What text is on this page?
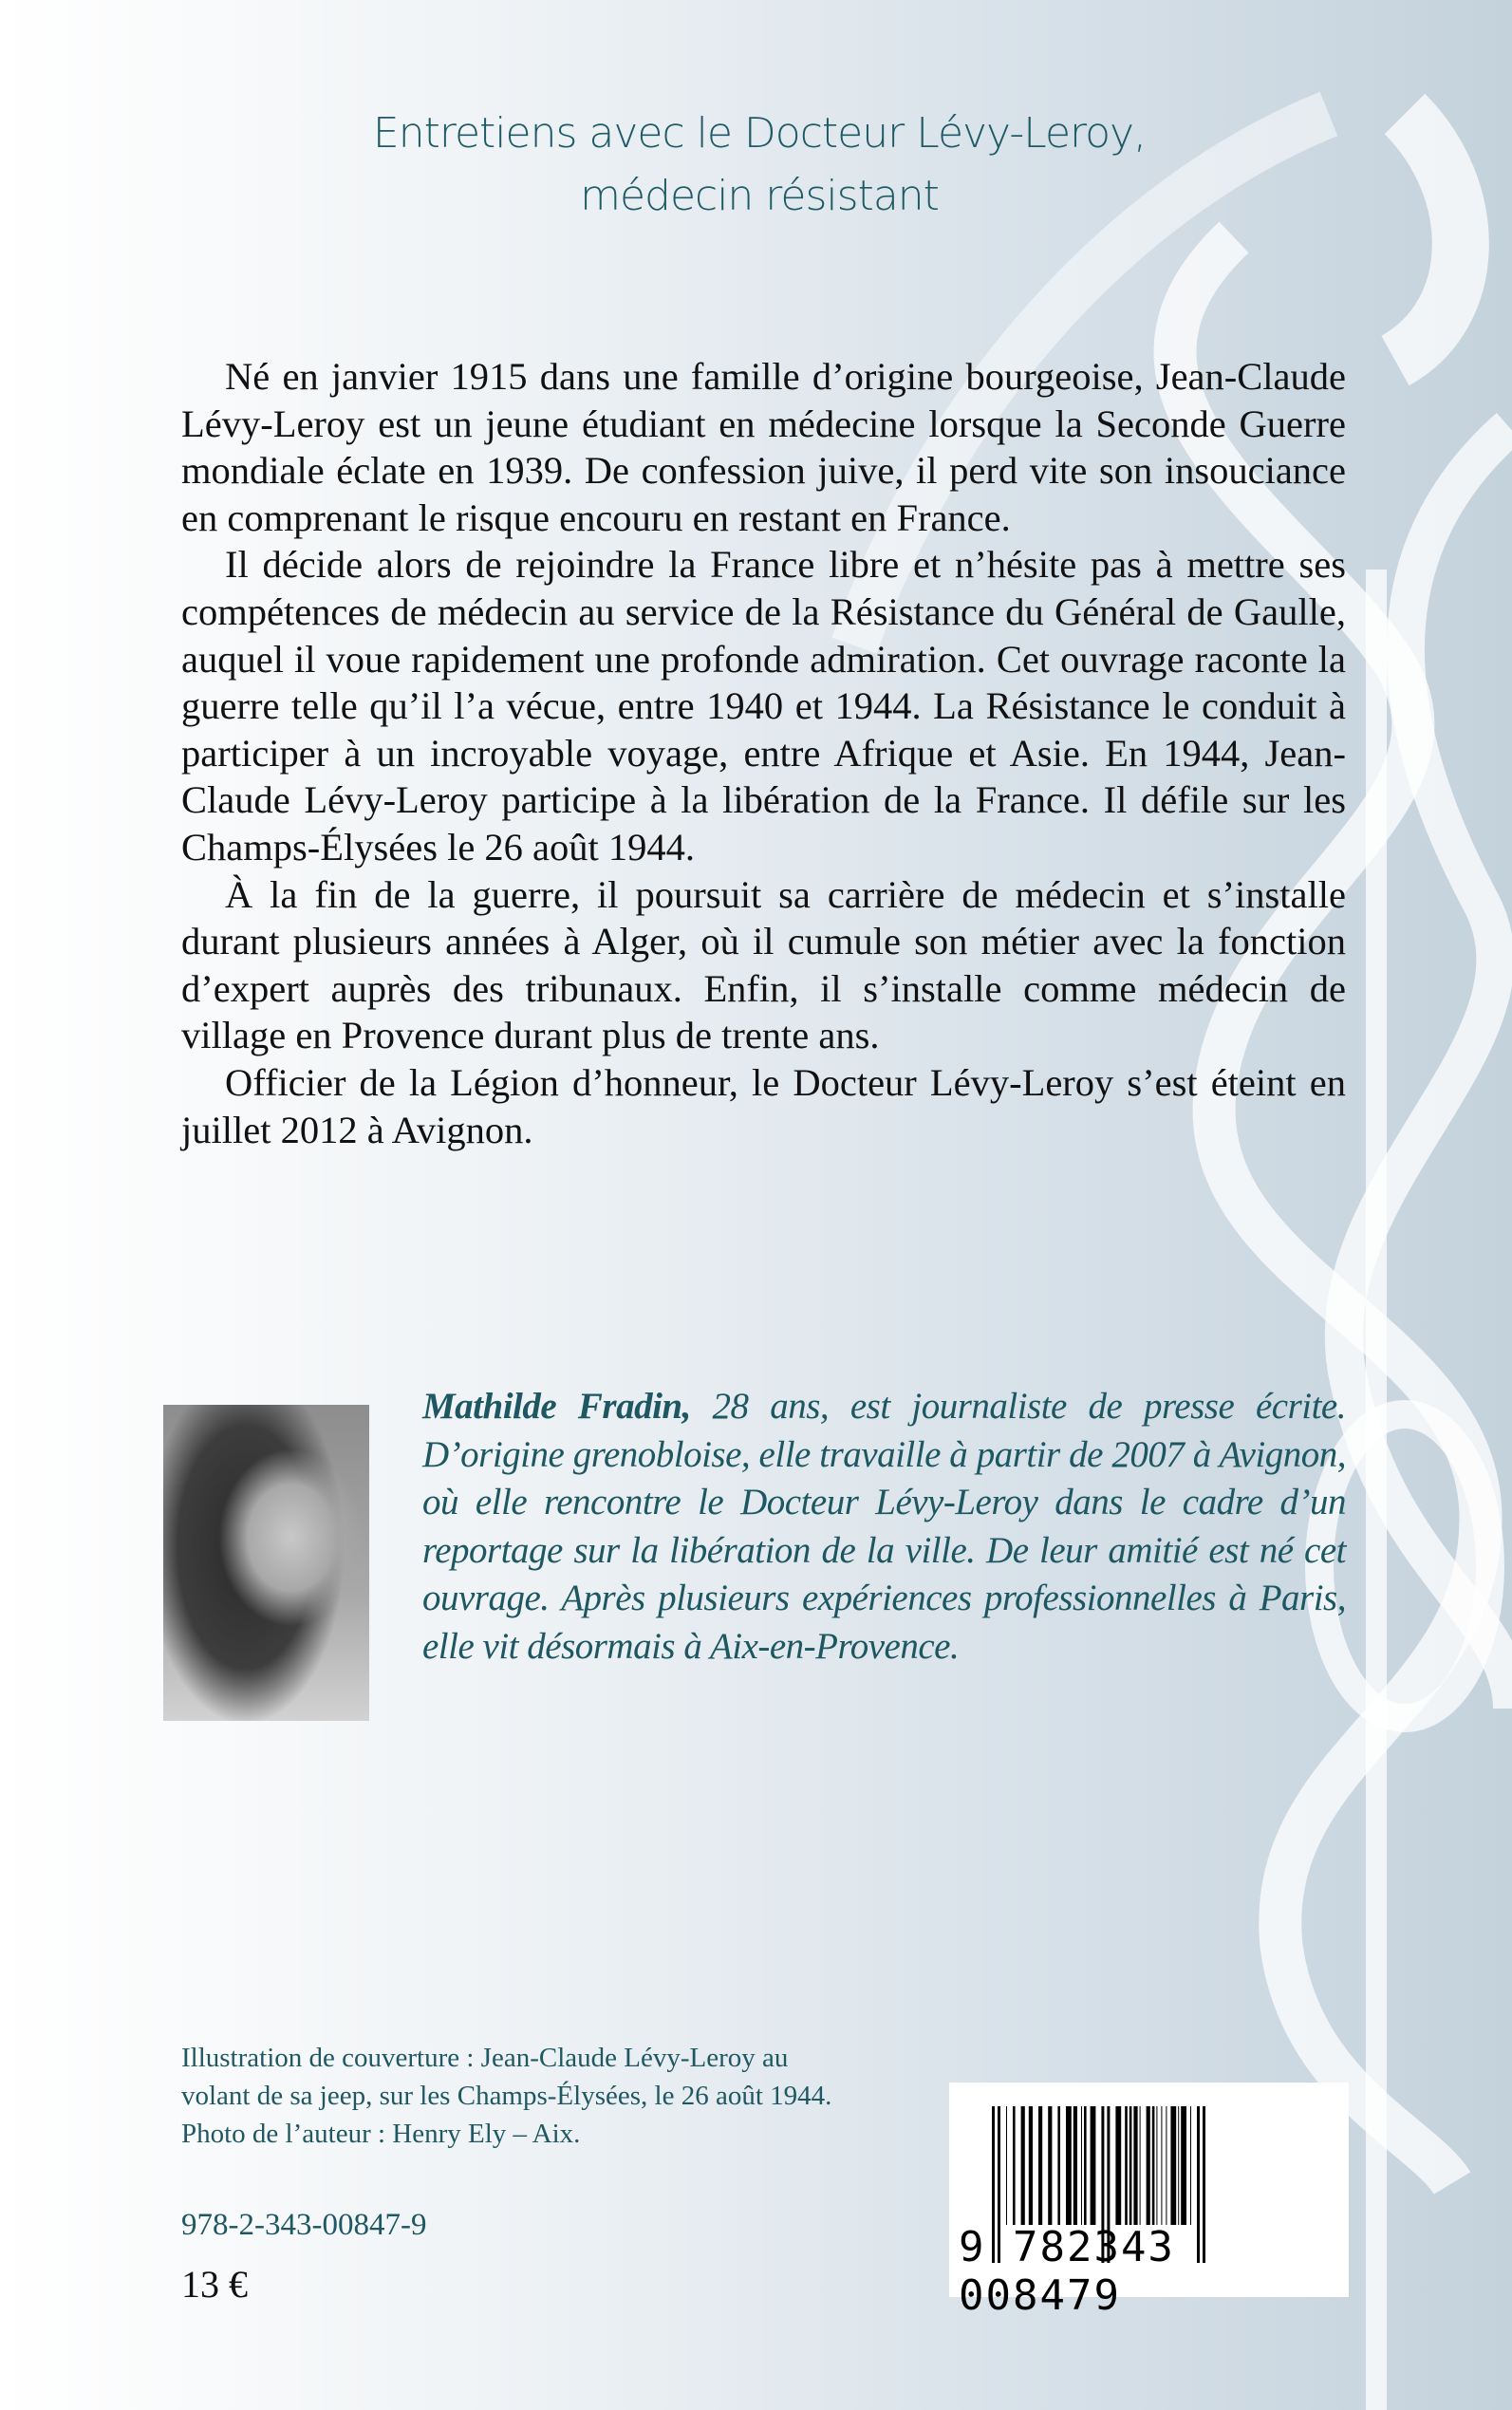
Entretiens avec le Docteur Lévy-Leroy,
médecin résistant

Né en janvier 1915 dans une famille d’origine bourgeoise, Jean-Claude Lévy-Leroy est un jeune étudiant en médecine lorsque la Seconde Guerre mondiale éclate en 1939. De confession juive, il perd vite son insouciance en comprenant le risque encouru en restant en France.

Il décide alors de rejoindre la France libre et n’hésite pas à mettre ses compétences de médecin au service de la Résistance du Général de Gaulle, auquel il voue rapidement une profonde admiration. Cet ouvrage raconte la guerre telle qu’il l’a vécue, entre 1940 et 1944. La Résistance le conduit à participer à un incroyable voyage, entre Afrique et Asie. En 1944, Jean-Claude Lévy-Leroy participe à la libération de la France. Il défile sur les Champs-Élysées le 26 août 1944.

À la fin de la guerre, il poursuit sa carrière de médecin et s’installe durant plusieurs années à Alger, où il cumule son métier avec la fonction d’expert auprès des tribunaux. Enfin, il s’installe comme médecin de village en Provence durant plus de trente ans.

Officier de la Légion d’honneur, le Docteur Lévy-Leroy s’est éteint en juillet 2012 à Avignon.

Mathilde Fradin, 28 ans, est journaliste de presse écrite. D’origine grenobloise, elle travaille à partir de 2007 à Avignon, où elle rencontre le Docteur Lévy-Leroy dans le cadre d’un reportage sur la libération de la ville. De leur amitié est né cet ouvrage. Après plusieurs expériences professionnelles à Paris, elle vit désormais à Aix-en-Provence.
Illustration de couverture : Jean-Claude Lévy-Leroy au
volant de sa jeep, sur les Champs-Élysées, le 26 août 1944.
Photo de l’auteur : Henry Ely – Aix.
978-2-343-00847-9
13 €
9 782343 008479
